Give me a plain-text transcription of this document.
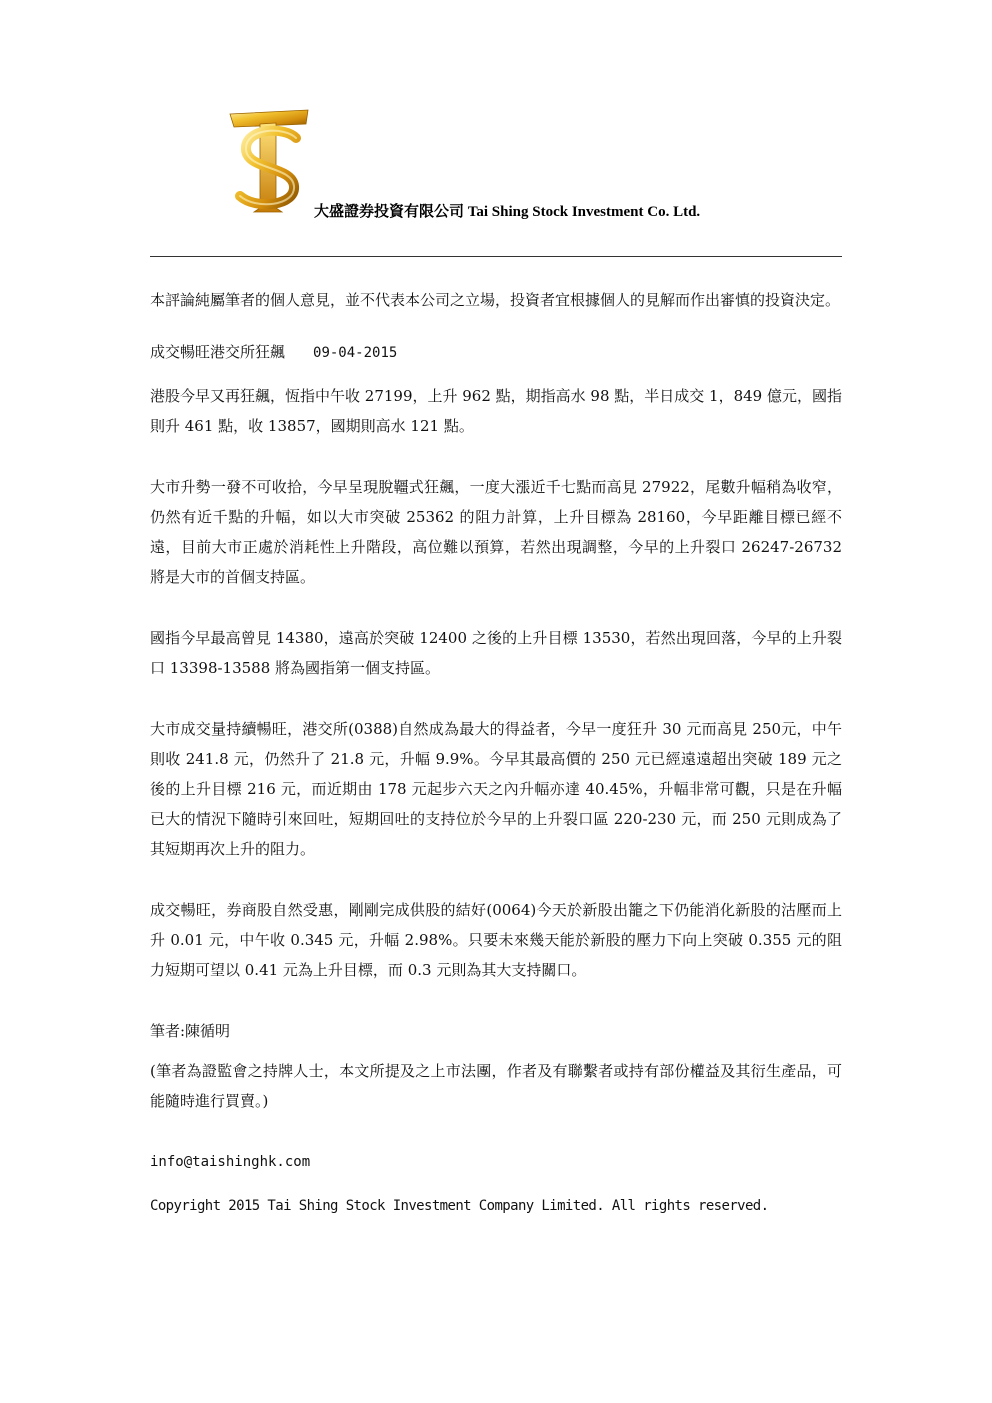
大盛證券投資有限公司 Tai Shing Stock Investment Co. Ltd.

本評論純屬筆者的個人意見，並不代表本公司之立場，投資者宜根據個人的見解而作出審慎的投資決定。

成交暢旺港交所狂飆 09-04-2015

港股今早又再狂飆，恆指中午收 27199，上升 962 點，期指高水 98 點，半日成交 1，849 億元，國指則升 461 點，收 13857，國期則高水 121 點。

大市升勢一發不可收拾，今早呈現脫韁式狂飆，一度大漲近千七點而高見 27922，尾數升幅稍為收窄，仍然有近千點的升幅，如以大市突破 25362 的阻力計算，上升目標為 28160，今早距離目標已經不遠，目前大市正處於消耗性上升階段，高位難以預算，若然出現調整，今早的上升裂口 26247-26732 將是大市的首個支持區。

國指今早最高曾見 14380，遠高於突破 12400 之後的上升目標 13530，若然出現回落，今早的上升裂口 13398-13588 將為國指第一個支持區。

大市成交量持續暢旺，港交所(0388)自然成為最大的得益者，今早一度狂升 30 元而高見 250元，中午則收 241.8 元，仍然升了 21.8 元，升幅 9.9%。今早其最高價的 250 元已經遠遠超出突破 189 元之後的上升目標 216 元，而近期由 178 元起步六天之內升幅亦達 40.45%，升幅非常可觀，只是在升幅已大的情況下隨時引來回吐，短期回吐的支持位於今早的上升裂口區 220-230 元，而 250 元則成為了其短期再次上升的阻力。

成交暢旺，券商股自然受惠，剛剛完成供股的結好(0064)今天於新股出籠之下仍能消化新股的沽壓而上升 0.01 元，中午收 0.345 元，升幅 2.98%。只要未來幾天能於新股的壓力下向上突破 0.355 元的阻力短期可望以 0.41 元為上升目標，而 0.3 元則為其大支持關口。

筆者:陳循明

(筆者為證監會之持牌人士，本文所提及之上市法團，作者及有聯繫者或持有部份權益及其衍生產品，可能隨時進行買賣。)

info@taishinghk.com

Copyright 2015 Tai Shing Stock Investment Company Limited. All rights reserved.
